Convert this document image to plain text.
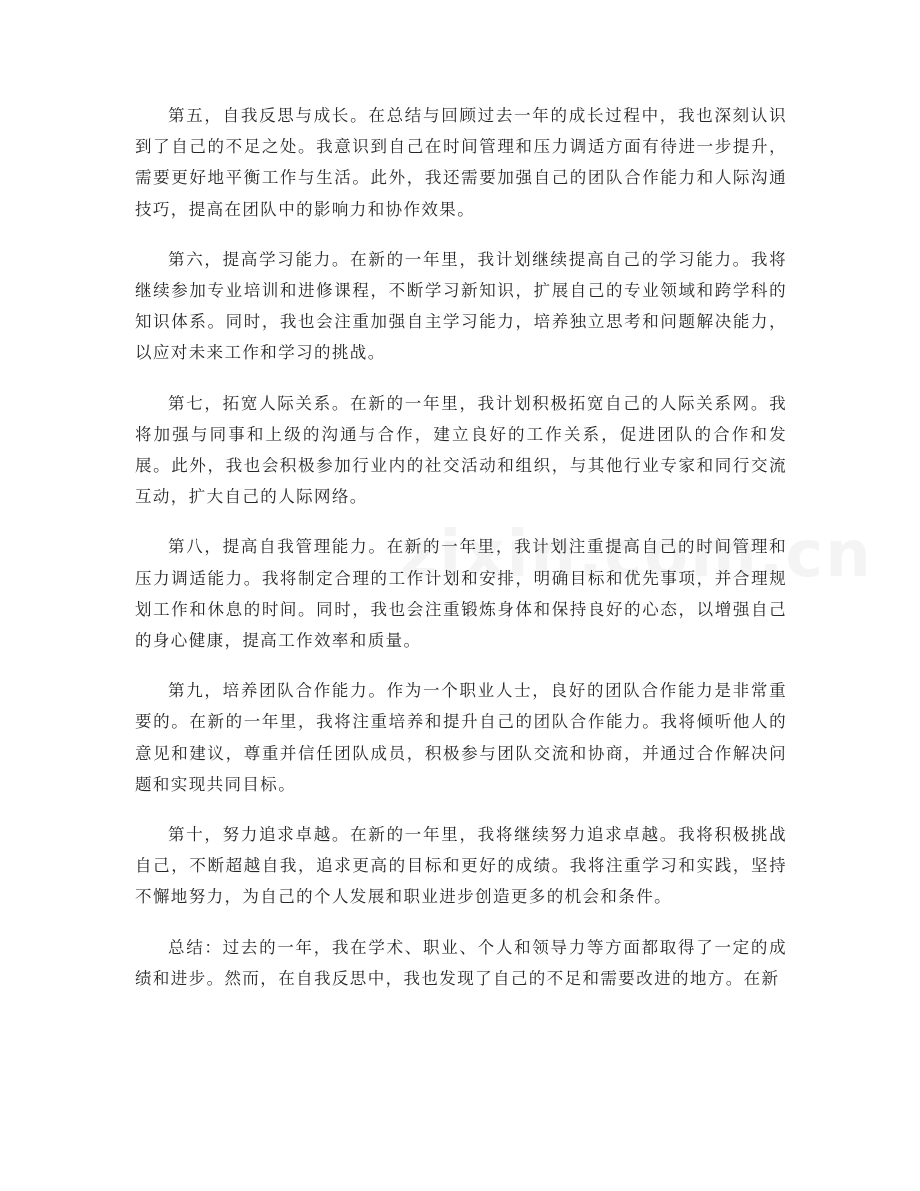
第五，自我反思与成长。在总结与回顾过去一年的成长过程中，我也深刻认识到了自己的不足之处。我意识到自己在时间管理和压力调适方面有待进一步提升，需要更好地平衡工作与生活。此外，我还需要加强自己的团队合作能力和人际沟通技巧，提高在团队中的影响力和协作效果。

第六，提高学习能力。在新的一年里，我计划继续提高自己的学习能力。我将继续参加专业培训和进修课程，不断学习新知识，扩展自己的专业领域和跨学科的知识体系。同时，我也会注重加强自主学习能力，培养独立思考和问题解决能力，以应对未来工作和学习的挑战。

第七，拓宽人际关系。在新的一年里，我计划积极拓宽自己的人际关系网。我将加强与同事和上级的沟通与合作，建立良好的工作关系，促进团队的合作和发展。此外，我也会积极参加行业内的社交活动和组织，与其他行业专家和同行交流互动，扩大自己的人际网络。

第八，提高自我管理能力。在新的一年里，我计划注重提高自己的时间管理和压力调适能力。我将制定合理的工作计划和安排，明确目标和优先事项，并合理规划工作和休息的时间。同时，我也会注重锻炼身体和保持良好的心态，以增强自己的身心健康，提高工作效率和质量。

第九，培养团队合作能力。作为一个职业人士，良好的团队合作能力是非常重要的。在新的一年里，我将注重培养和提升自己的团队合作能力。我将倾听他人的意见和建议，尊重并信任团队成员，积极参与团队交流和协商，并通过合作解决问题和实现共同目标。

第十，努力追求卓越。在新的一年里，我将继续努力追求卓越。我将积极挑战自己，不断超越自我，追求更高的目标和更好的成绩。我将注重学习和实践，坚持不懈地努力，为自己的个人发展和职业进步创造更多的机会和条件。

总结：过去的一年，我在学术、职业、个人和领导力等方面都取得了一定的成绩和进步。然而，在自我反思中，我也发现了自己的不足和需要改进的地方。在新
